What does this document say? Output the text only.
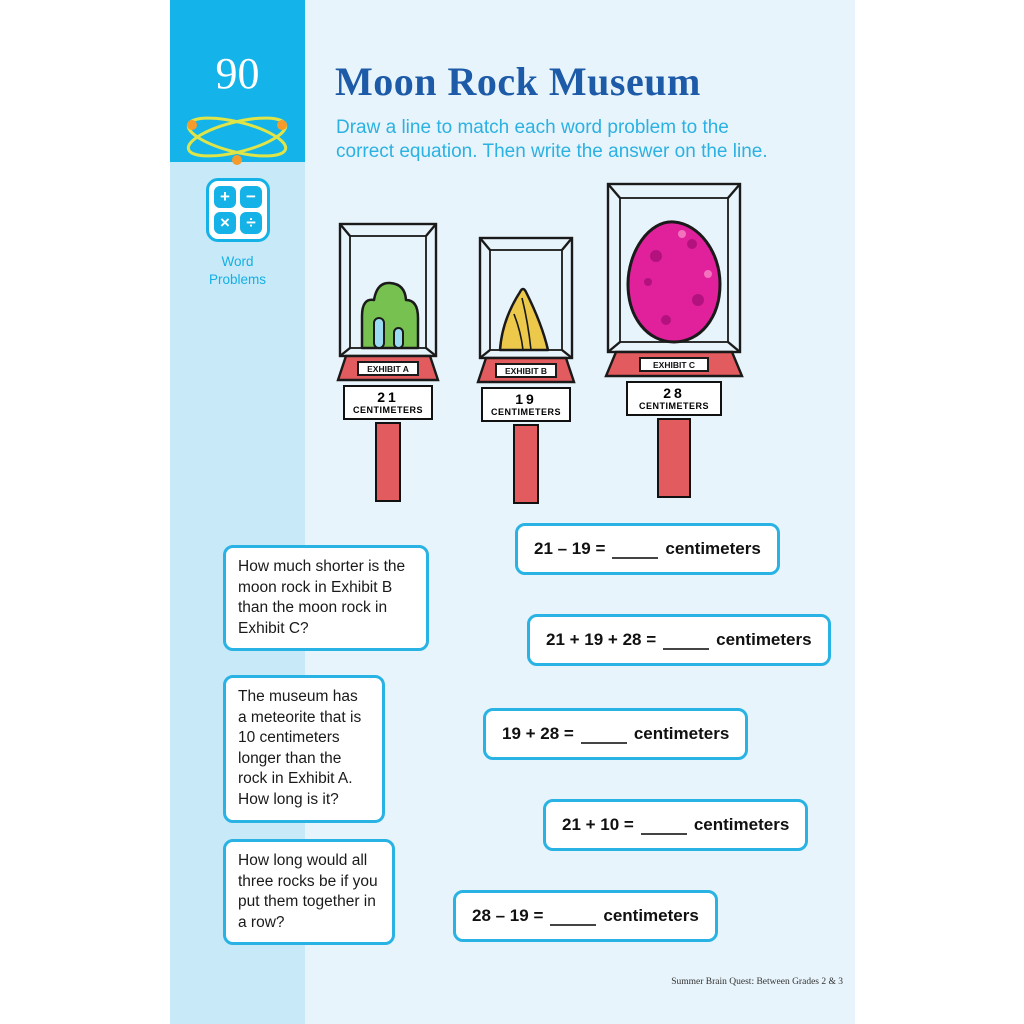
90
+ −
× ÷
Word
Problems
Moon Rock Museum
Draw a line to match each word problem to the
correct equation. Then write the answer on the line.
EXHIBIT A
21
CENTIMETERS
EXHIBIT B
19
CENTIMETERS
EXHIBIT C
28
CENTIMETERS
How much shorter is the moon rock in Exhibit B than the moon rock in Exhibit C?
The museum has a meteorite that is 10 centimeters longer than the rock in Exhibit A. How long is it?
How long would all three rocks be if you put them together in a row?
21 – 19 =	centimeters
21 + 19 + 28 =	centimeters
19 + 28 =	centimeters
21 + 10 =	centimeters
28 – 19 =	centimeters
Summer Brain Quest: Between Grades 2 & 3
